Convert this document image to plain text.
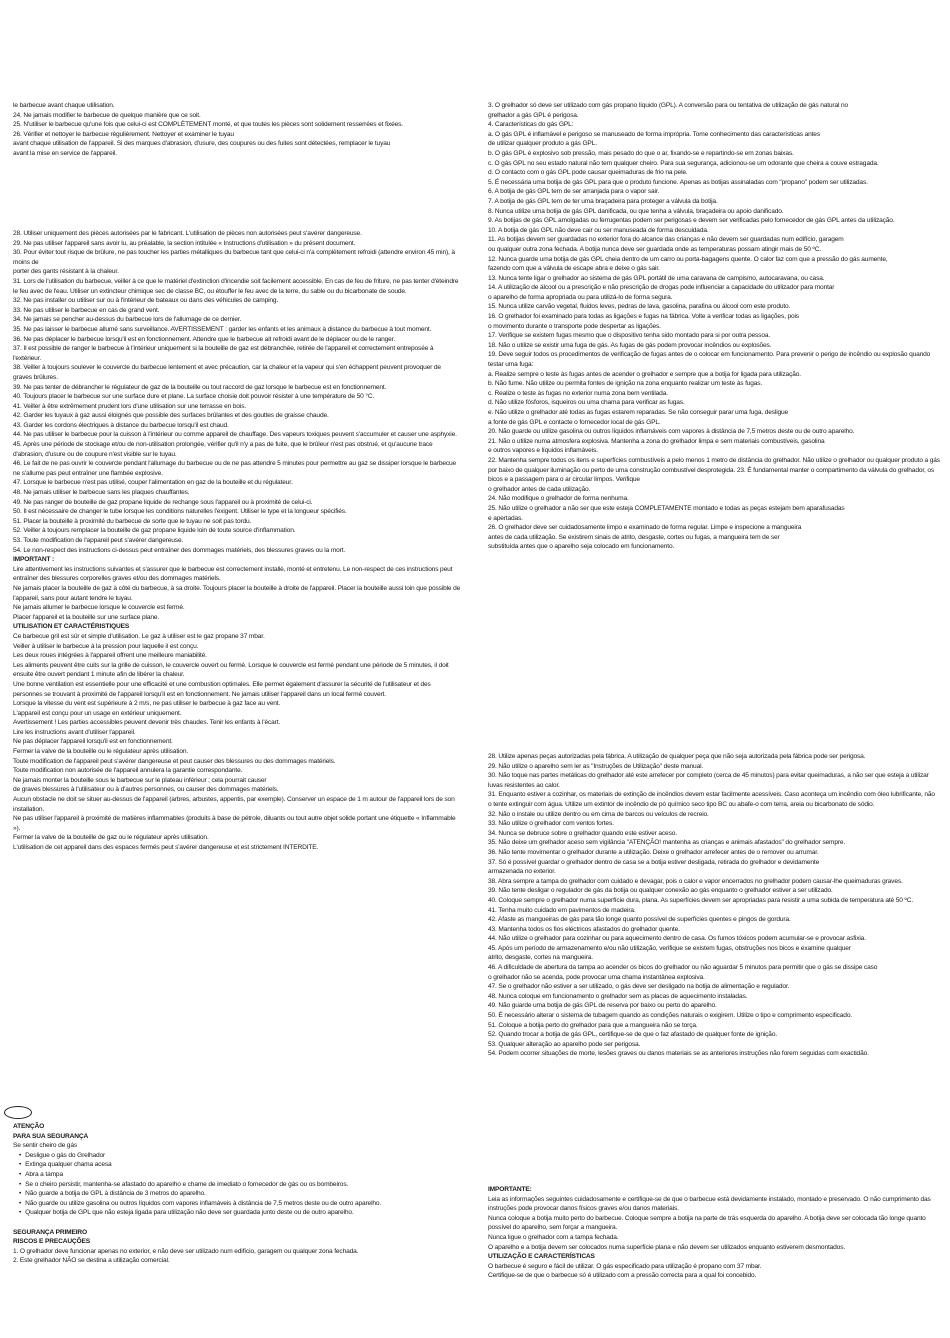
le barbecue avant chaque utilisation.

24. Ne jamais modifier le barbecue de quelque manière que ce soit.

25. N'utiliser le barbecue qu'une fois que celui-ci est COMPLÈTEMENT monté, et que toutes les pièces sont solidement resserrées et fixées.

26. Vérifier et nettoyer le barbecue régulièrement. Nettoyer et examiner le tuyau

avant chaque utilisation de l'appareil. Si des marques d'abrasion, d'usure, des coupures ou des fuites sont détectées, remplacer le tuyau

avant la mise en service de l'appareil.

28. Utiliser uniquement des pièces autorisées par le fabricant. L'utilisation de pièces non autorisées peut s'avérer dangereuse.

29. Ne pas utiliser l'appareil sans avoir lu, au préalable, la section intitulée « Instructions d'utilisation » du présent document.

30. Pour éviter tout risque de brûlure, ne pas toucher les parties métalliques du barbecue tant que celui-ci n'a complètement refroidi (attendre environ 45 min), à moins de

porter des gants résistant à la chaleur.

31. Lors de l'utilisation du barbecue, veiller à ce que le matériel d'extinction d'incendie soit facilement accessible. En cas de feu de friture, ne pas tenter d'éteindre le feu avec de l'eau. Utiliser un extincteur chimique sec de classe BC, ou étouffer le feu avec de la terre, du sable ou du bicarbonate de soude.

32. Ne pas installer ou utiliser sur ou à l'intérieur de bateaux ou dans des véhicules de camping.

33. Ne pas utiliser le barbecue en cas de grand vent.

34. Ne jamais se pencher au-dessus du barbecue lors de l'allumage de ce dernier.

35. Ne pas laisser le barbecue allumé sans surveillance. AVERTISSEMENT : garder les enfants et les animaux à distance du barbecue à tout moment.

36. Ne pas déplacer le barbecue lorsqu'il est en fonctionnement. Attendre que le barbecue ait refroidi avant de le déplacer ou de le ranger.

37. Il est possible de ranger le barbecue à l'intérieur uniquement si la bouteille de gaz est débranchée, retirée de l'appareil et correctement entreposée à l'extérieur.

38. Veiller à toujours soulever le couvercle du barbecue lentement et avec précaution, car la chaleur et la vapeur qui s'en échappent peuvent provoquer de graves brûlures.

39. Ne pas tenter de débrancher le régulateur de gaz de la bouteille ou tout raccord de gaz lorsque le barbecue est en fonctionnement.

40. Toujours placer le barbecue sur une surface dure et plane. La surface choisie doit pouvoir résister à une température de 50 °C.

41. Veiller à être extrêmement prudent lors d'une utilisation sur une terrasse en bois.

42. Garder les tuyaux à gaz aussi éloignés que possible des surfaces brûlantes et des gouttes de graisse chaude.

43. Garder les cordons électriques à distance du barbecue lorsqu'il est chaud.

44. Ne pas utiliser le barbecue pour la cuisson à l'intérieur ou comme appareil de chauffage. Des vapeurs toxiques peuvent s'accumuler et causer une asphyxie.

45. Après une période de stockage et/ou de non-utilisation prolongée, vérifier qu'il n'y a pas de fuite, que le brûleur n'est pas obstrué, et qu'aucune trace d'abrasion, d'usure ou de coupure n'est visible sur le tuyau.

46. Le fait de ne pas ouvrir le couvercle pendant l'allumage du barbecue ou de ne pas attendre 5 minutes pour permettre au gaz se dissiper lorsque le barbecue ne s'allume pas peut entraîner une flambée explosive.

47. Lorsque le barbecue n'est pas utilisé, couper l'alimentation en gaz de la bouteille et du régulateur.

48. Ne jamais utiliser le barbecue sans les plaques chauffantes.

49. Ne pas ranger de bouteille de gaz propane liquide de rechange sous l'appareil ou à proximité de celui-ci.

50. Il est nécessaire de changer le tube lorsque les conditions naturelles l'exigent. Utiliser le type et la longueur spécifiés.

51. Placer la bouteille à proximité du barbecue de sorte que le tuyau ne soit pas tordu.

52. Veiller à toujours remplacer la bouteille de gaz propane liquide loin de toute source d'inflammation.

53. Toute modification de l'appareil peut s'avérer dangereuse.

54. Le non-respect des instructions ci-dessus peut entraîner des dommages matériels, des blessures graves ou la mort.

IMPORTANT :

Lire attentivement les instructions suivantes et s'assurer que le barbecue est correctement installé, monté et entretenu. Le non-respect de ces instructions peut entraîner des blessures corporelles graves et/ou des dommages matériels.

Ne jamais placer la bouteille de gaz à côté du barbecue, à sa droite. Toujours placer la bouteille à droite de l'appareil. Placer la bouteille aussi loin que possible de l'appareil, sans pour autant tendre le tuyau.

Ne jamais allumer le barbecue lorsque le couvercle est fermé.

Placer l'appareil et la bouteille sur une surface plane.

UTILISATION ET CARACTÉRISTIQUES

Ce barbecue gril est sûr et simple d'utilisation. Le gaz à utiliser est le gaz propane 37 mbar.

Veiller à utiliser le barbecue à la pression pour laquelle il est conçu.

Les deux roues intégrées à l'appareil offrent une meilleure maniabilité.

Les aliments peuvent être cuits sur la grille de cuisson, le couvercle ouvert ou fermé. Lorsque le couvercle est fermé pendant une période de 5 minutes, il doit ensuite être ouvert pendant 1 minute afin de libérer la chaleur.

Une bonne ventilation est essentielle pour une efficacité et une combustion optimales. Elle permet également d'assurer la sécurité de l'utilisateur et des personnes se trouvant à proximité de l'appareil lorsqu'il est en fonctionnement. Ne jamais utiliser l'appareil dans un local fermé couvert.

Lorsque la vitesse du vent est supérieure à 2 m/s, ne pas utiliser le barbecue à gaz face au vent.

L'appareil est conçu pour un usage en extérieur uniquement.

Avertissement ! Les parties accessibles peuvent devenir très chaudes. Tenir les enfants à l'écart.

Lire les instructions avant d'utiliser l'appareil.

Ne pas déplacer l'appareil lorsqu'il est en fonctionnement.

Fermer la valve de la bouteille ou le régulateur après utilisation.

Toute modification de l'appareil peut s'avérer dangereuse et peut causer des blessures ou des dommages matériels.

Toute modification non autorisée de l'appareil annulera la garantie correspondante.

Ne jamais monter la bouteille sous le barbecue sur le plateau inférieur ; cela pourrait causer

de graves blessures à l'utilisateur ou à d'autres personnes, ou causer des dommages matériels.

Aucun obstacle ne doit se situer au-dessus de l'appareil (arbres, arbustes, appentis, par exemple). Conserver un espace de 1 m autour de l'appareil lors de son installation.

Ne pas utiliser l'appareil à proximité de matières inflammables (produits à base de pétrole, diluants ou tout autre objet solide portant une étiquette « Inflammable »).

Fermer la valve de la bouteille de gaz ou le régulateur après utilisation.

L'utilisation de cet appareil dans des espaces fermés peut s'avérer dangereuse et est strictement INTERDITE.

ATENÇÃO

PARA SUA SEGURANÇA

Se sentir cheiro de gás

• Desligue o gás do Grelhador
• Extinga qualquer chama acesa
• Abra a tampa
• Se o cheiro persistir, mantenha-se afastado do aparelho e chame de imediato o fornecedor de gás ou os bombeiros.
• Não guarde a botija de GPL à distância de 3 metros do aparelho.
• Não guarde ou utilize gasolina ou outros líquidos com vapores inflamáveis à distância de 7,5 metros deste ou de outro aparelho.
• Qualquer botija de GPL que não esteja ligada para utilização não deve ser guardada junto deste ou de outro aparelho.

SEGURANÇA PRIMEIRO

RISCOS E PRECAUÇÕES

1. O grelhador deve funcionar apenas no exterior, e não deve ser utilizado num edifício, garagem ou qualquer zona fechada.

2. Este grelhador NÃO se destina a utilização comercial.

3. O grelhador só deve ser utilizado com gás propano líquido (GPL). A conversão para ou tentativa de utilização de gás natural no

grelhador a gás GPL é perigosa.

4. Características do gás GPL:

a. O gás GPL é inflamável e perigoso se manuseado de forma imprópria. Tome conhecimento das características antes

de utilizar qualquer produto a gás GPL.

b. O gás GPL é explosivo sob pressão, mais pesado do que o ar, fixando-se e repartindo-se em zonas baixas.

c. O gás GPL no seu estado natural não tem qualquer cheiro. Para sua segurança, adicionou-se um odorante que cheira a couve estragada.

d. O contacto com o gás GPL pode causar queimaduras de frio na pele.

5. É necessária uma botija de gás GPL para que o produto funcione. Apenas as botijas assinaladas com "propano" podem ser utilizadas.

6. A botija de gás GPL tem de ser arranjada para o vapor sair.

7. A botija de gás GPL tem de ter uma braçadeira para proteger a válvula da botija.

8. Nunca utilize uma botija de gás GPL danificada, ou que tenha a válvula, braçadeira ou apoio danificado.

9. As botijas de gás GPL amolgadas ou ferrugentas podem ser perigosas e devem ser verificadas pelo fornecedor de gás GPL antes da utilização.

10. A botija de gás GPL não deve cair ou ser manuseada de forma descuidada.

11. As botijas devem ser guardadas no exterior fora do alcance das crianças e não devem ser guardadas num edifício, garagem

ou qualquer outra zona fechada. A botija nunca deve ser guardada onde as temperaturas possam atingir mais de 50 ºC.

12. Nunca guarde uma botija de gás GPL cheia dentro de um carro ou porta-bagagens quente. O calor faz com que a pressão do gás aumente,

fazendo com que a válvula de escape abra e deixe o gás sair.

13. Nunca tente ligar o grelhador ao sistema de gás GPL portátil de uma caravana de campismo, autocaravana, ou casa.

14. A utilização de álcool ou a prescrição e não prescrição de drogas pode influenciar a capacidade do utilizador para montar

o aparelho de forma apropriada ou para utilizá-lo de forma segura.

15. Nunca utilize carvão vegetal, fluidos leves, pedras de lava, gasolina, parafina ou álcool com este produto.

16. O grelhador foi examinado para todas as ligações e fugas na fábrica. Volte a verificar todas as ligações, pois

o movimento durante o transporte pode despertar as ligações.

17. Verifique se existem fugas mesmo que o dispositivo tenha sido montado para si por outra pessoa.

18. Não o utilize se existir uma fuga de gás. As fugas de gás podem provocar incêndios ou explosões.

19. Deve seguir todos os procedimentos de verificação de fugas antes de o colocar em funcionamento. Para prevenir o perigo de incêndio ou explosão quando testar uma fuga:

a. Realize sempre o teste às fugas antes de acender o grelhador e sempre que a botija for ligada para utilização.

b. Não fume. Não utilize ou permita fontes de ignição na zona enquanto realizar um teste às fugas.

c. Realize o teste às fugas no exterior numa zona bem ventilada.

d. Não utilize fósforos, isqueiros ou uma chama para verificar as fugas.

e. Não utilize o grelhador até todas as fugas estarem reparadas. Se não conseguir parar uma fuga, desligue

a fonte de gás GPL e contacte o fornecedor local de gás GPL.

20. Não guarde ou utilize gasolina ou outros líquidos inflamáveis com vapores à distância de 7,5 metros deste ou de outro aparelho.

21. Não o utilize numa atmosfera explosiva. Mantenha a zona do grelhador limpa e sem materiais combustíveis, gasolina

e outros vapores e líquidos inflamáveis.

22. Mantenha sempre todos os itens e superfícies combustíveis a pelo menos 1 metro de distância do grelhador. Não utilize o grelhador ou qualquer produto a gás por baixo de qualquer iluminação ou perto de uma construção combustível desprotegida. 23. É fundamental manter o compartimento da válvula do grelhador, os bicos e a passagem para o ar circular limpos. Verifique

o grelhador antes de cada utilização.

24. Não modifique o grelhador de forma nenhuma.

25. Não utilize o grelhador a não ser que este esteja COMPLETAMENTE montado e todas as peças estejam bem aparafusadas

e apertadas.

26. O grelhador deve ser cuidadosamente limpo e examinado de forma regular. Limpe e inspecione a mangueira

antes de cada utilização. Se existirem sinais de atrito, desgaste, cortes ou fugas, a mangueira tem de ser

substituída antes que o aparelho seja colocado em funcionamento.

28. Utilize apenas peças autorizadas pela fábrica. A utilização de qualquer peça que não seja autorizada pela fábrica pode ser perigosa.

29. Não utilize o aparelho sem ler as "Instruções de Utilização" deste manual.

30. Não toque nas partes metálicas do grelhador até este arrefecer por completo (cerca de 45 minutos) para evitar queimaduras, a não ser que esteja a utilizar luvas resistentes ao calor.

31. Enquanto estiver a cozinhar, os materiais de extinção de incêndios devem estar facilmente acessíveis. Caso aconteça um incêndio com óleo lubrificante, não

o tente extinguir com água. Utilize um extintor de incêndio de pó químico seco tipo BC ou abafe-o com terra, areia ou bicarbonato de sódio.

32. Não o instale ou utilize dentro ou em cima de barcos ou veículos de recreio.

33. Não utilize o grelhador com ventos fortes.

34. Nunca se debruce sobre o grelhador quando este estiver aceso.

35. Não deixe um grelhador aceso sem vigilância "ATENÇÃO! mantenha as crianças e animais afastados" do grelhador sempre.

36. Não tente movimentar o grelhador durante a utilização. Deixe o grelhador arrefecer antes de o remover ou arrumar.

37. Só é possível guardar o grelhador dentro de casa se a botija estiver desligada, retirada do grelhador e devidamente

armazenada no exterior.

38. Abra sempre a tampa do grelhador com cuidado e devagar, pois o calor e vapor encerrados no grelhador podem causar-lhe queimaduras graves.

39. Não tente desligar o regulador de gás da botija ou qualquer conexão ao gás enquanto o grelhador estiver a ser utilizado.

40. Coloque sempre o grelhador numa superfície dura, plana. As superfícies devem ser apropriadas para resistir a uma subida de temperatura até 50 ºC.

41. Tenha muito cuidado em pavimentos de madeira.

42. Afaste as mangueiras de gás para tão longe quanto possível de superfícies quentes e pingos de gordura.

43. Mantenha todos os fios eléctricos afastados do grelhador quente.

44. Não utilize o grelhador para cozinhar ou para aquecimento dentro de casa. Os fumos tóxicos podem acumular-se e provocar asfixia.

45. Após um período de armazenamento e/ou não utilização, verifique se existem fugas, obstruções nos bicos e examine qualquer

atrito, desgaste, cortes na mangueira.

46. A dificuldade de abertura da tampa ao acender os bicos do grelhador ou não aguardar 5 minutos para permitir que o gás se dissipe caso

o grelhador não se acenda, pode provocar uma chama instantânea explosiva.

47. Se o grelhador não estiver a ser utilizado, o gás deve ser desligado na botija de alimentação e regulador.

48. Nunca coloque em funcionamento o grelhador sem as placas de aquecimento instaladas.

49. Não guarde uma botija de gás GPL de reserva por baixo ou perto do aparelho.

50. É necessário alterar o sistema de tubagem quando as condições naturais o exigirem. Utilize o tipo e comprimento especificado.

51. Coloque a botija perto do grelhador para que a mangueira não se torça.

52. Quando trocar a botija de gás GPL, certifique-se de que o faz afastado de qualquer fonte de ignição.

53. Qualquer alteração ao aparelho pode ser perigosa.

54. Podem ocorrer situações de morte, lesões graves ou danos materiais se as anteriores instruções não forem seguidas com exactidão.

IMPORTANTE:

Leia as informações seguintes cuidadosamente e certifique-se de que o barbecue está devidamente instalado, montado e preservado. O não cumprimento das instruções pode provocar danos físicos graves e/ou danos materiais.

Nunca coloque a botija muito perto do barbecue. Coloque sempre a botija na parte de trás esquerda do aparelho. A botija deve ser colocada tão longe quanto possível do aparelho, sem forçar a mangueira.

Nunca ligue o grelhador com a tampa fechada.

O aparelho e a botija devem ser colocados numa superfície plana e não devem ser utilizados enquanto estiverem desmontados.

UTILIZAÇÃO E CARACTERÍSTICAS

O barbecue é seguro e fácil de utilizar. O gás especificado para utilização é propano com 37 mbar.

Certifique-se de que o barbecue só é utilizado com a pressão correcta para a qual foi concebido.
